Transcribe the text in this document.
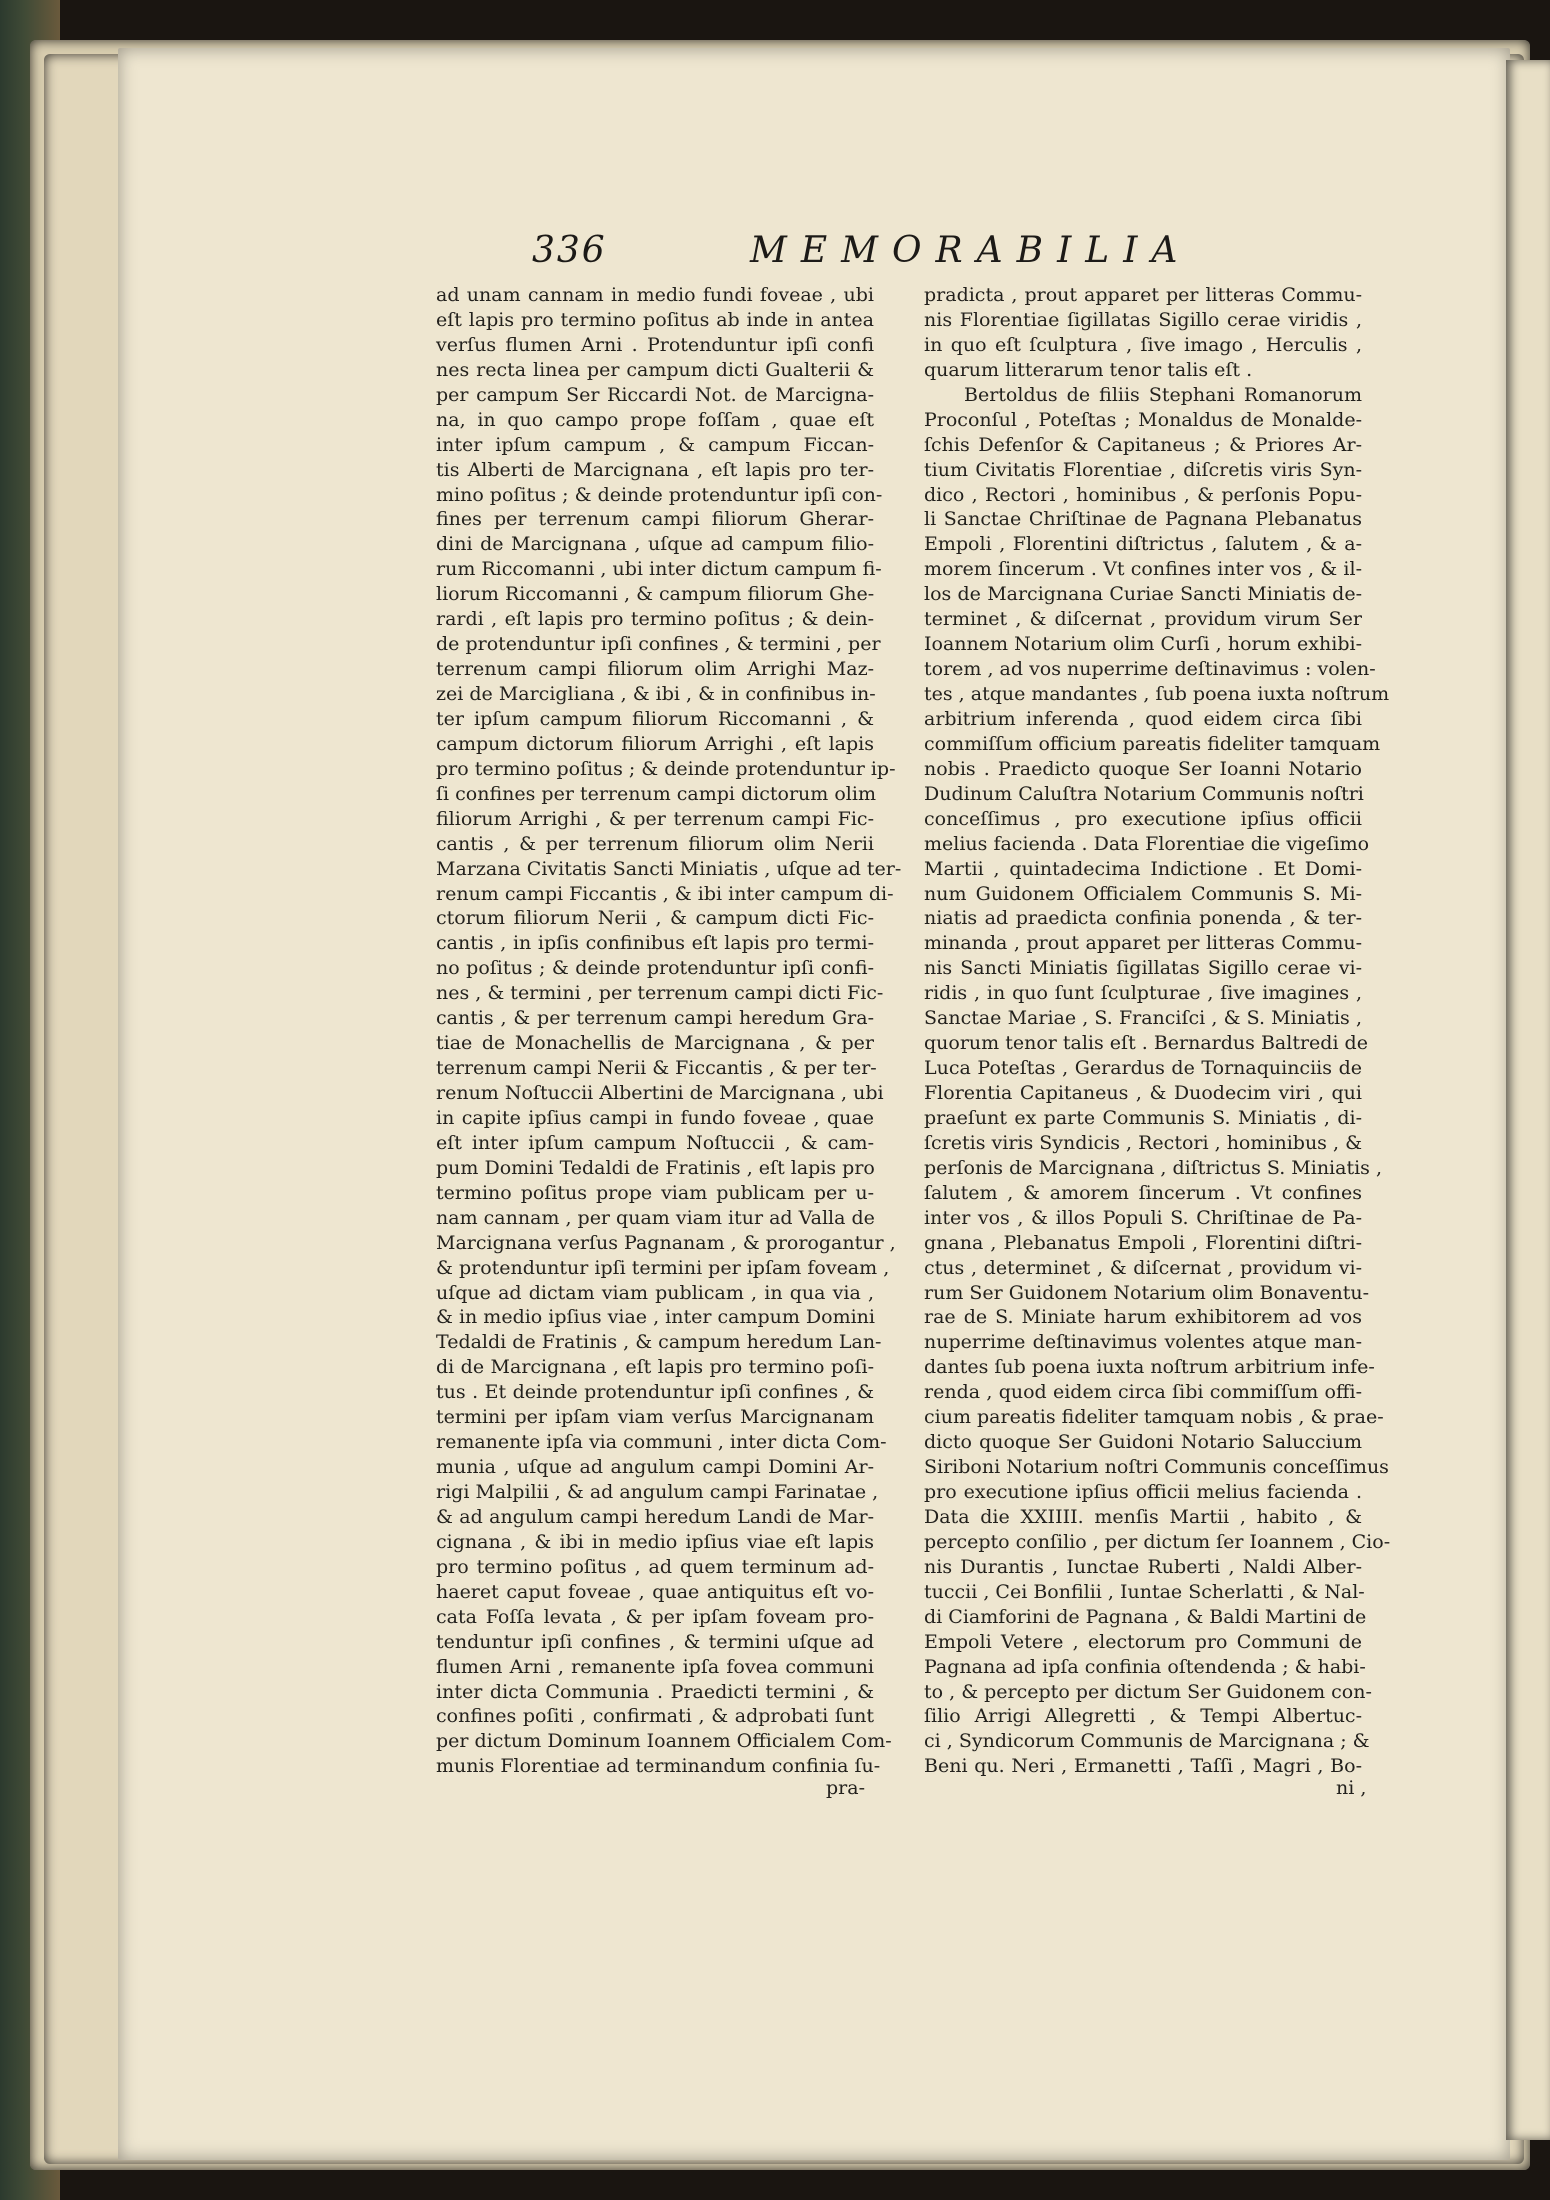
336	MEMORABILIA
ad unam cannam in medio fundi foveae , ubi
eſt lapis pro termino poſitus ab inde in antea
verſus flumen Arni . Protenduntur ipſi confi
nes recta linea per campum dicti Gualterii &
per campum Ser Riccardi Not. de Marcigna-
na, in quo campo prope foſſam , quae eſt
inter ipſum campum , & campum Ficcan-
tis Alberti de Marcignana , eſt lapis pro ter-
mino poſitus ; & deinde protenduntur ipſi con-
fines per terrenum campi filiorum Gherar-
dini de Marcignana , uſque ad campum filio-
rum Riccomanni , ubi inter dictum campum fi-
liorum Riccomanni , & campum filiorum Ghe-
rardi , eſt lapis pro termino poſitus ; & dein-
de protenduntur ipſi confines , & termini , per
terrenum campi filiorum olim Arrighi Maz-
zei de Marcigliana , & ibi , & in confinibus in-
ter ipſum campum filiorum Riccomanni , &
campum dictorum filiorum Arrighi , eſt lapis
pro termino poſitus ; & deinde protenduntur ip-
ſi confines per terrenum campi dictorum olim
filiorum Arrighi , & per terrenum campi Fic-
cantis , & per terrenum filiorum olim Nerii
Marzana Civitatis Sancti Miniatis , uſque ad ter-
renum campi Ficcantis , & ibi inter campum di-
ctorum filiorum Nerii , & campum dicti Fic-
cantis , in ipſis confinibus eſt lapis pro termi-
no poſitus ; & deinde protenduntur ipſi confi-
nes , & termini , per terrenum campi dicti Fic-
cantis , & per terrenum campi heredum Gra-
tiae de Monachellis de Marcignana , & per
terrenum campi Nerii & Ficcantis , & per ter-
renum Noſtuccii Albertini de Marcignana , ubi
in capite ipſius campi in fundo foveae , quae
eſt inter ipſum campum Noſtuccii , & cam-
pum Domini Tedaldi de Fratinis , eſt lapis pro
termino poſitus prope viam publicam per u-
nam cannam , per quam viam itur ad Valla de
Marcignana verſus Pagnanam , & prorogantur ,
& protenduntur ipſi termini per ipſam foveam ,
uſque ad dictam viam publicam , in qua via ,
& in medio ipſius viae , inter campum Domini
Tedaldi de Fratinis , & campum heredum Lan-
di de Marcignana , eſt lapis pro termino poſi-
tus . Et deinde protenduntur ipſi confines , &
termini per ipſam viam verſus Marcignanam
remanente ipſa via communi , inter dicta Com-
munia , uſque ad angulum campi Domini Ar-
rigi Malpilii , & ad angulum campi Farinatae ,
& ad angulum campi heredum Landi de Mar-
cignana , & ibi in medio ipſius viae eſt lapis
pro termino poſitus , ad quem terminum ad-
haeret caput foveae , quae antiquitus eſt vo-
cata Foſſa levata , & per ipſam foveam pro-
tenduntur ipſi confines , & termini uſque ad
flumen Arni , remanente ipſa fovea communi
inter dicta Communia . Praedicti termini , &
confines poſiti , confirmati , & adprobati ſunt
per dictum Dominum Ioannem Officialem Com-
munis Florentiae ad terminandum confinia ſu-
pradicta , prout apparet per litteras Commu-
nis Florentiae ſigillatas Sigillo cerae viridis ,
in quo eſt ſculptura , ſive imago , Herculis ,
quarum litterarum tenor talis eſt .
Bertoldus de filiis Stephani Romanorum
Proconſul , Poteſtas ; Monaldus de Monalde-
ſchis Defenſor & Capitaneus ; & Priores Ar-
tium Civitatis Florentiae , diſcretis viris Syn-
dico , Rectori , hominibus , & perſonis Popu-
li Sanctae Chriſtinae de Pagnana Plebanatus
Empoli , Florentini diſtrictus , ſalutem , & a-
morem ſincerum . Vt confines inter vos , & il-
los de Marcignana Curiae Sancti Miniatis de-
terminet , & diſcernat , providum virum Ser
Ioannem Notarium olim Curſi , horum exhibi-
torem , ad vos nuperrime deſtinavimus : volen-
tes , atque mandantes , ſub poena iuxta noſtrum
arbitrium inferenda , quod eidem circa ſibi
commiſſum officium pareatis fideliter tamquam
nobis . Praedicto quoque Ser Ioanni Notario
Dudinum Caluſtra Notarium Communis noſtri
conceſſimus , pro executione ipſius officii
melius facienda . Data Florentiae die vigeſimo
Martii , quintadecima Indictione . Et Domi-
num Guidonem Officialem Communis S. Mi-
niatis ad praedicta confinia ponenda , & ter-
minanda , prout apparet per litteras Commu-
nis Sancti Miniatis ſigillatas Sigillo cerae vi-
ridis , in quo ſunt ſculpturae , ſive imagines ,
Sanctae Mariae , S. Franciſci , & S. Miniatis ,
quorum tenor talis eſt . Bernardus Baltredi de
Luca Poteſtas , Gerardus de Tornaquinciis de
Florentia Capitaneus , & Duodecim viri , qui
praeſunt ex parte Communis S. Miniatis , di-
ſcretis viris Syndicis , Rectori , hominibus , &
perſonis de Marcignana , diſtrictus S. Miniatis ,
ſalutem , & amorem ſincerum . Vt confines
inter vos , & illos Populi S. Chriſtinae de Pa-
gnana , Plebanatus Empoli , Florentini diſtri-
ctus , determinet , & diſcernat , providum vi-
rum Ser Guidonem Notarium olim Bonaventu-
rae de S. Miniate harum exhibitorem ad vos
nuperrime deſtinavimus volentes atque man-
dantes ſub poena iuxta noſtrum arbitrium infe-
renda , quod eidem circa ſibi commiſſum offi-
cium pareatis fideliter tamquam nobis , & prae-
dicto quoque Ser Guidoni Notario Saluccium
Siriboni Notarium noſtri Communis conceſſimus
pro executione ipſius officii melius facienda .
Data die XXIIII. menſis Martii , habito , &
percepto conſilio , per dictum ſer Ioannem , Cio-
nis Durantis , Iunctae Ruberti , Naldi Alber-
tuccii , Cei Bonfilii , Iuntae Scherlatti , & Nal-
di Ciamforini de Pagnana , & Baldi Martini de
Empoli Vetere , electorum pro Communi de
Pagnana ad ipſa confinia oſtendenda ; & habi-
to , & percepto per dictum Ser Guidonem con-
ſilio Arrigi Allegretti , & Tempi Albertuc-
ci , Syndicorum Communis de Marcignana ; &
Beni qu. Neri , Ermanetti , Taſſi , Magri , Bo-
pra-	ni ,
